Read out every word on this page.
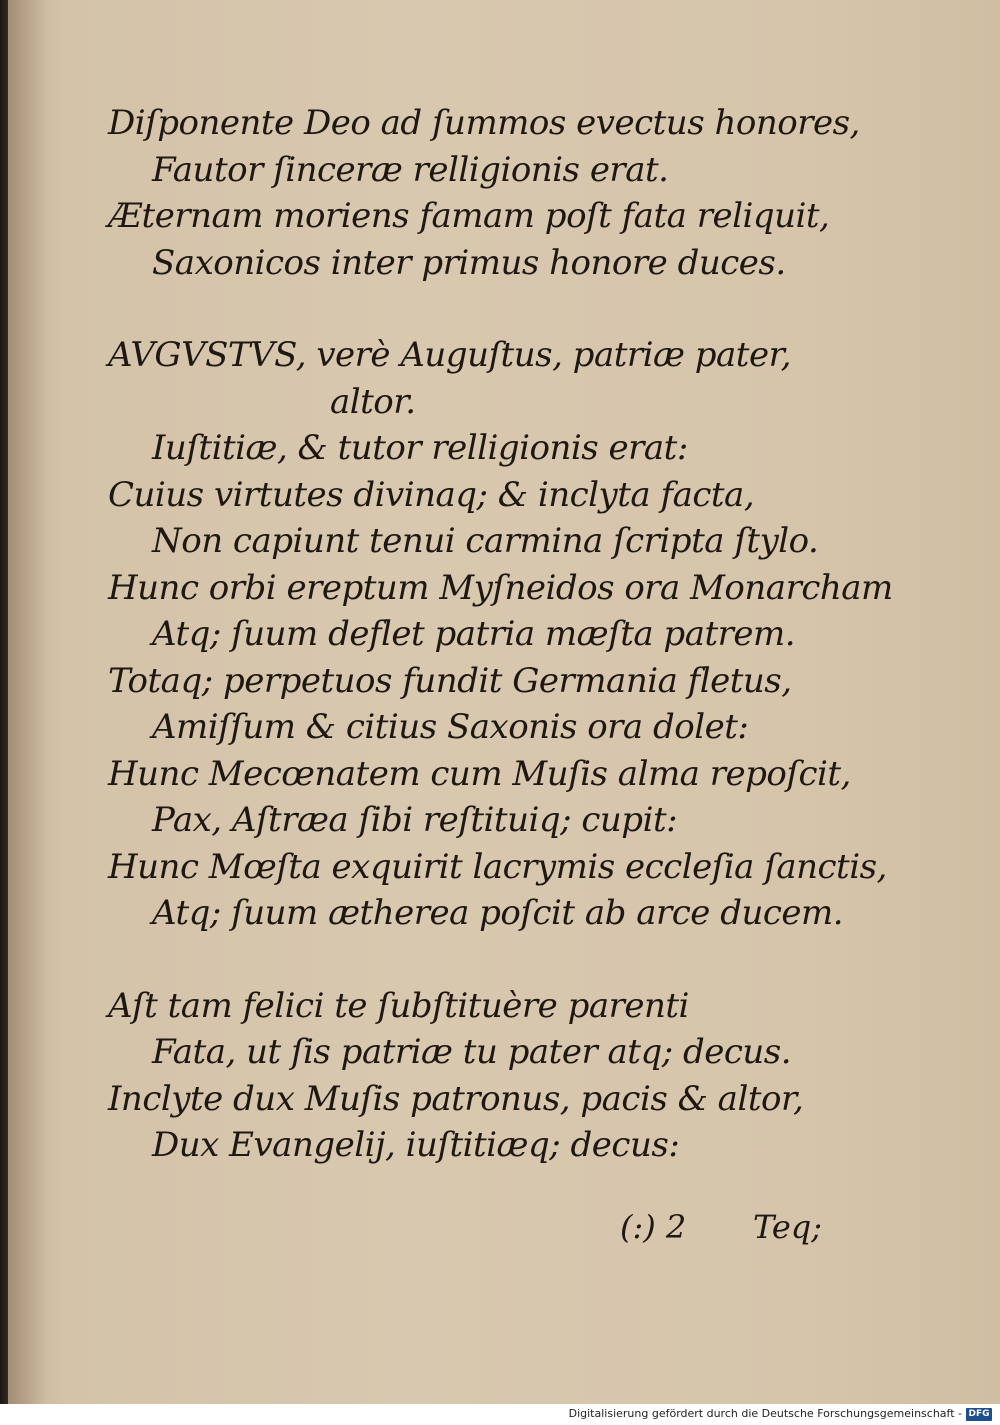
Diſponente Deo ad ſummos evectus honores,
Fautor ſinceræ relligionis erat.
Æternam moriens famam poſt fata reliquit,
Saxonicos inter primus honore duces.
AVGVSTVS, verè Auguſtus, patriæ pater,
altor.
Iuſtitiæ, & tutor relligionis erat:
Cuius virtutes divinaq; & inclyta facta,
Non capiunt tenui carmina ſcripta ſtylo.
Hunc orbi ereptum Myſneidos ora Monarcham
Atq; ſuum deflet patria mæſta patrem.
Totaq; perpetuos fundit Germania fletus,
Amiſſum & citius Saxonis ora dolet:
Hunc Mecœnatem cum Muſis alma repoſcit,
Pax, Aſtræa ſibi reſtituiq; cupit:
Hunc Mœſta exquirit lacrymis eccleſia ſanctis,
Atq; ſuum ætherea poſcit ab arce ducem.
Aſt tam felici te ſubſtituère parenti
Fata, ut ſis patriæ tu pater atq; decus.
Inclyte dux Muſis patronus, pacis & altor,
Dux Evangelij, iuſtitiæq; decus:
(:) 2 Teq;
Digitalisierung gefördert durch die Deutsche Forschungsgemeinschaft - DFG
